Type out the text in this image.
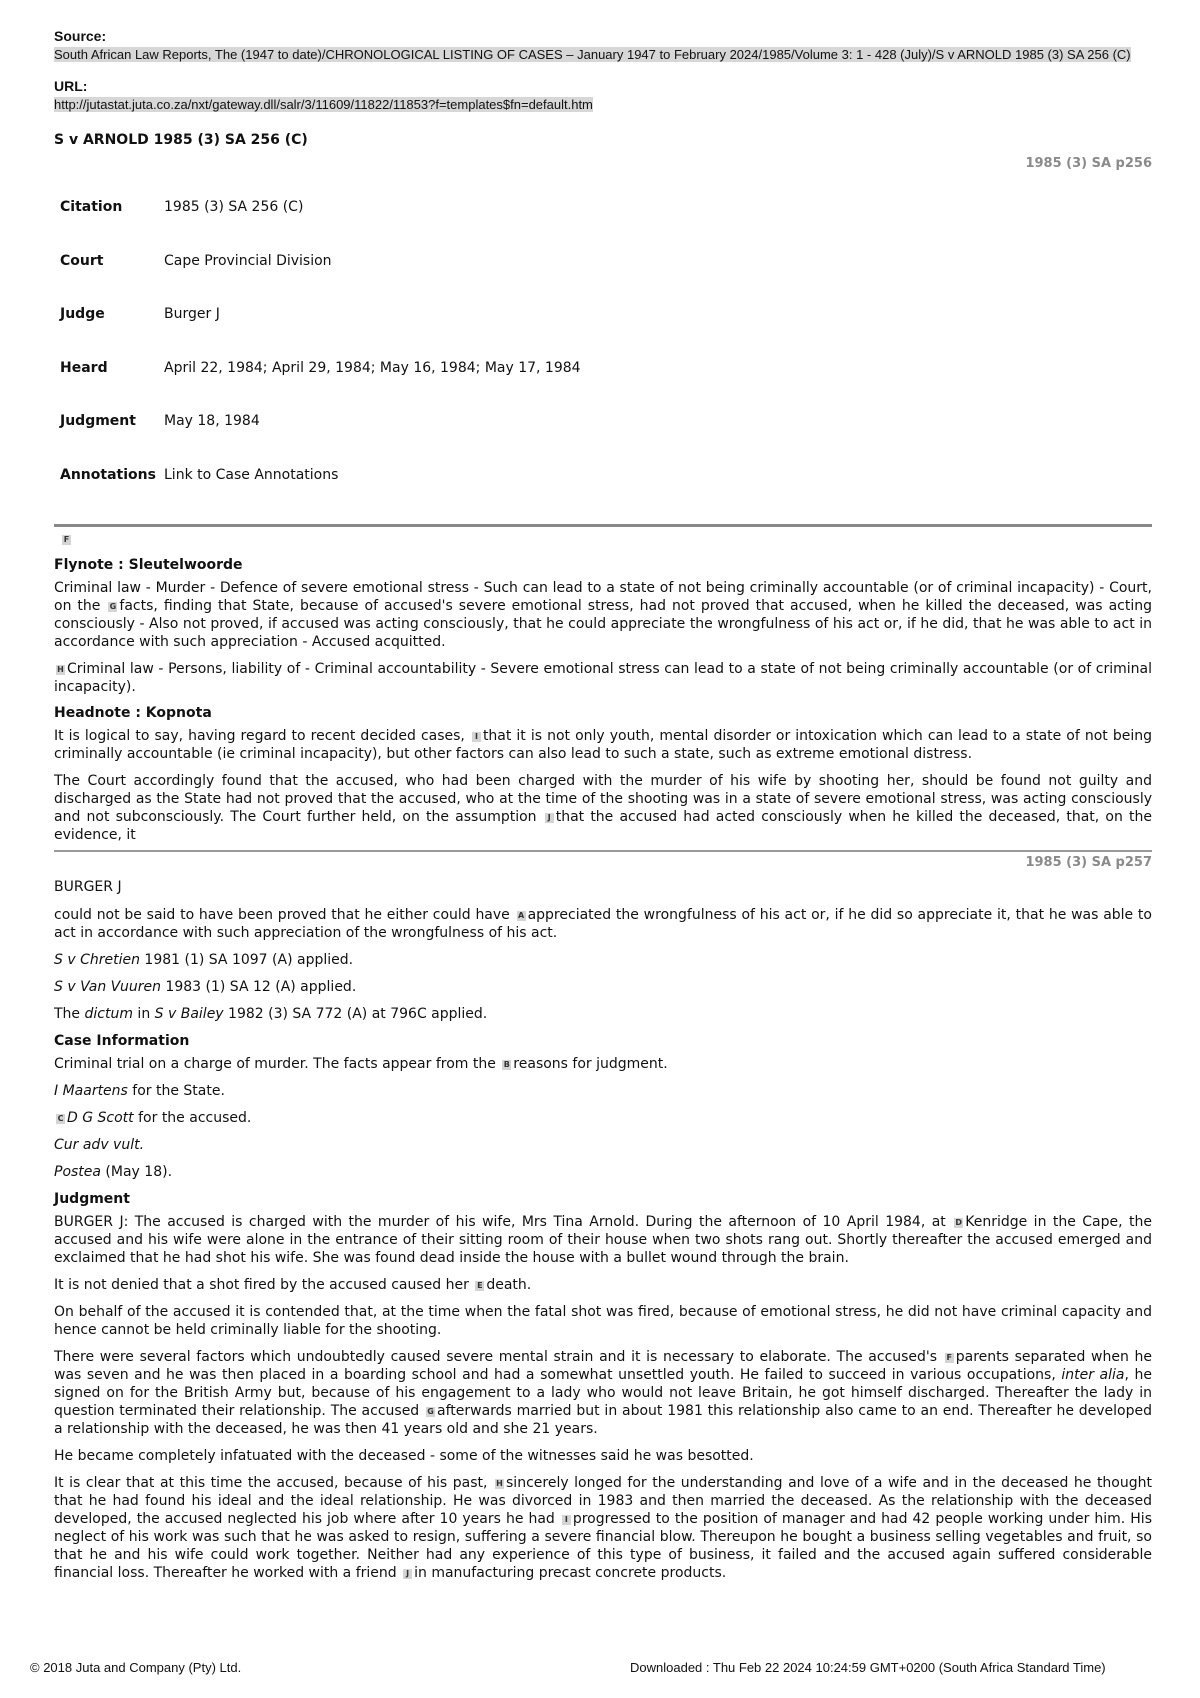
Source:
South African Law Reports, The (1947 to date)/CHRONOLOGICAL LISTING OF CASES – January 1947 to February 2024/1985/Volume 3: 1 - 428 (July)/S v ARNOLD 1985 (3) SA 256 (C)
URL:
http://jutastat.juta.co.za/nxt/gateway.dll/salr/3/11609/11822/11853?f=templates$fn=default.htm
S v ARNOLD 1985 (3) SA 256 (C)
1985 (3) SA p256
Citation	1985 (3) SA 256 (C)
Court	Cape Provincial Division
Judge	Burger J
Heard	April 22, 1984; April 29, 1984; May 16, 1984; May 17, 1984
Judgment	May 18, 1984
Annotations	Link to Case Annotations
F
Flynote : Sleutelwoorde

Criminal law - Murder - Defence of severe emotional stress - Such can lead to a state of not being criminally accountable (or of criminal incapacity) - Court, on the G facts, finding that State, because of accused's severe emotional stress, had not proved that accused, when he killed the deceased, was acting consciously - Also not proved, if accused was acting consciously, that he could appreciate the wrongfulness of his act or, if he did, that he was able to act in accordance with such appreciation - Accused acquitted.

H Criminal law - Persons, liability of - Criminal accountability - Severe emotional stress can lead to a state of not being criminally accountable (or of criminal incapacity).

Headnote : Kopnota

It is logical to say, having regard to recent decided cases, I that it is not only youth, mental disorder or intoxication which can lead to a state of not being criminally accountable (ie criminal incapacity), but other factors can also lead to such a state, such as extreme emotional distress.

The Court accordingly found that the accused, who had been charged with the murder of his wife by shooting her, should be found not guilty and discharged as the State had not proved that the accused, who at the time of the shooting was in a state of severe emotional stress, was acting consciously and not subconsciously. The Court further held, on the assumption J that the accused had acted consciously when he killed the deceased, that, on the evidence, it

1985 (3) SA p257

BURGER J

could not be said to have been proved that he either could have A appreciated the wrongfulness of his act or, if he did so appreciate it, that he was able to act in accordance with such appreciation of the wrongfulness of his act.

S v Chretien 1981 (1) SA 1097 (A) applied.

S v Van Vuuren 1983 (1) SA 12 (A) applied.

The dictum in S v Bailey 1982 (3) SA 772 (A) at 796C applied.

Case Information

Criminal trial on a charge of murder. The facts appear from the B reasons for judgment.

I Maartens for the State.

C D G Scott for the accused.

Cur adv vult.

Postea (May 18).

Judgment

BURGER J: The accused is charged with the murder of his wife, Mrs Tina Arnold. During the afternoon of 10 April 1984, at D Kenridge in the Cape, the accused and his wife were alone in the entrance of their sitting room of their house when two shots rang out. Shortly thereafter the accused emerged and exclaimed that he had shot his wife. She was found dead inside the house with a bullet wound through the brain.

It is not denied that a shot fired by the accused caused her E death.

On behalf of the accused it is contended that, at the time when the fatal shot was fired, because of emotional stress, he did not have criminal capacity and hence cannot be held criminally liable for the shooting.

There were several factors which undoubtedly caused severe mental strain and it is necessary to elaborate. The accused's F parents separated when he was seven and he was then placed in a boarding school and had a somewhat unsettled youth. He failed to succeed in various occupations, inter alia, he signed on for the British Army but, because of his engagement to a lady who would not leave Britain, he got himself discharged. Thereafter the lady in question terminated their relationship. The accused G afterwards married but in about 1981 this relationship also came to an end. Thereafter he developed a relationship with the deceased, he was then 41 years old and she 21 years.

He became completely infatuated with the deceased - some of the witnesses said he was besotted.

It is clear that at this time the accused, because of his past, H sincerely longed for the understanding and love of a wife and in the deceased he thought that he had found his ideal and the ideal relationship. He was divorced in 1983 and then married the deceased. As the relationship with the deceased developed, the accused neglected his job where after 10 years he had I progressed to the position of manager and had 42 people working under him. His neglect of his work was such that he was asked to resign, suffering a severe financial blow. Thereupon he bought a business selling vegetables and fruit, so that he and his wife could work together. Neither had any experience of this type of business, it failed and the accused again suffered considerable financial loss. Thereafter he worked with a friend J in manufacturing precast concrete products.

© 2018 Juta and Company (Pty) Ltd.	Downloaded : Thu Feb 22 2024 10:24:59 GMT+0200 (South Africa Standard Time)
